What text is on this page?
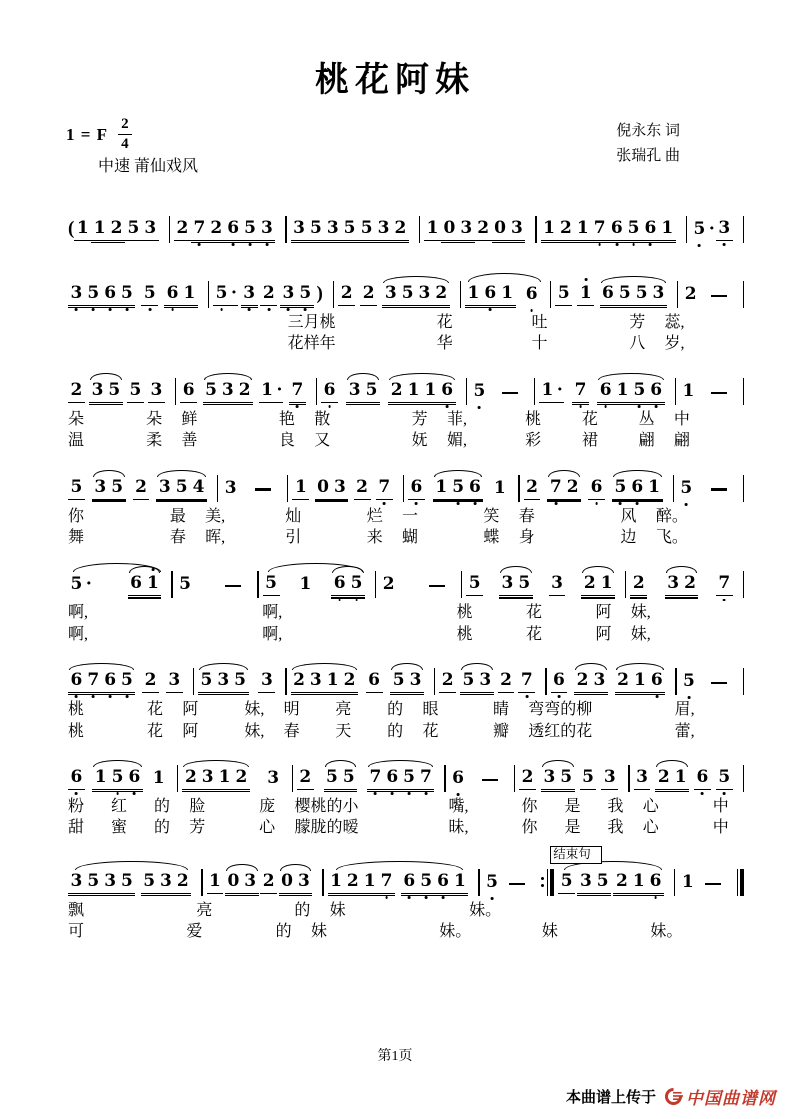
桃花阿妹
1 = F $\frac{2}{4}$
中速 莆仙戏风
倪永东 词
张瑞孔 曲
( 1 1 2 5 3 2 7 2 6 5 3 3 5 3 5 5 3 2 1 0 3 2 0 3 1 2 1 7 6 5 6 1 5 · 3
3 5 6 5 5 6 1 5 · 3 2 3 5 ) 2 2 3 5 3 2 1 6 1 6 5 1 6 5 5 3 2
三月桃	花	吐	芳 蕊,
花样年	华	十	八 岁,
2 3 5 5 3 6 5 3 2 1 · 7 6 3 5 2 1 1 6 5	1 · 7 6 1 5 6 1
朵	朵 鲜	艳 散	芳 菲,	桃	花	丛 中
温	柔 善	良 又	妩 媚,	彩	裙	翩 翩
5 3 5 2 3 5 4 3	1 0 3 2 7 6 1 5 6 1 2 7 2 6 5 6 1 5
你	最 美,	灿	烂 一	笑 春	风 醉。
舞	春 晖,	引	来 蝴	蝶 身	边 飞。
5 · 6 1 5	5 1 6 5 2	5 3 5 3 2 1 2 3 2 7
啊,	啊,	桃	花	阿 妹,
啊,	啊,	桃	花	阿 妹,
6 7 6 5 2 3 5 3 5 3 2 3 1 2 6 5 3 2 5 3 2 7 6 2 3 2 1 6 5
桃	花 阿	妹, 明 亮 的 眼	睛 弯弯的柳	眉,
桃	花 阿	妹, 春 天 的 花	瓣 透红的花	蕾,
6 1 5 6 1 2 3 1 2 3 2 5 5 7 6 5 7 6	2 3 5 5 3 3 2 1 6 5
粉 红 的 脸	庞 樱桃的小	嘴,	你 是 我 心	中
甜 蜜 的 芳	心 朦胧的暧	昧,	你 是 我 心	中
3 5 3 5 5 3 2 1 0 3 2 0 3 1 2 1 7 6 5 6 1 5
结束句
5 3 5 2 1 6 1
飘	亮	的 妹	妹。
可	爱	的 妹	妹。	妹	妹。
第1页
本曲谱上传于 中国曲谱网
